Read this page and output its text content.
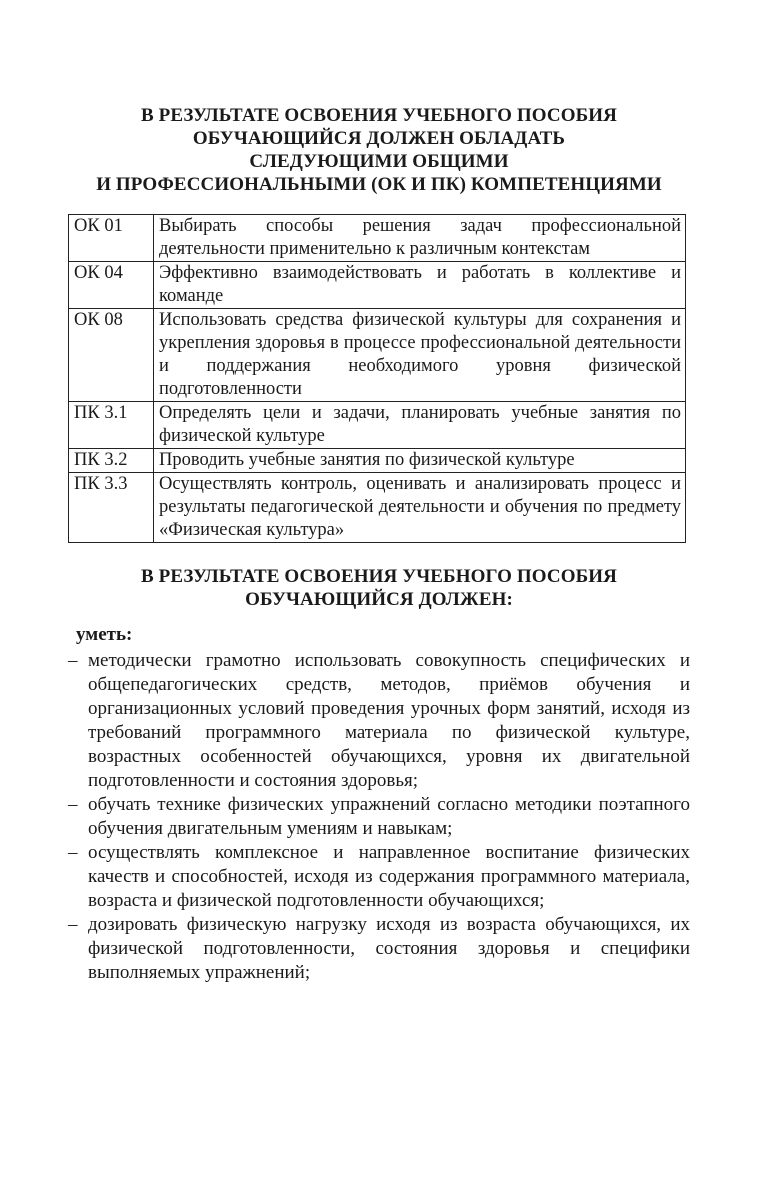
В РЕЗУЛЬТАТЕ ОСВОЕНИЯ УЧЕБНОГО ПОСОБИЯ
ОБУЧАЮЩИЙСЯ ДОЛЖЕН ОБЛАДАТЬ
СЛЕДУЮЩИМИ ОБЩИМИ
И ПРОФЕССИОНАЛЬНЫМИ (ОК И ПК) КОМПЕТЕНЦИЯМИ
ОК 01	Выбирать способы решения задач профессиональной деятельности применительно к различным контекстам
ОК 04	Эффективно взаимодействовать и работать в коллективе и команде
ОК 08	Использовать средства физической культуры для сохранения и укрепления здоровья в процессе профессиональной деятельности и поддержания необходимого уровня физической подготовленности
ПК 3.1	Определять цели и задачи, планировать учебные занятия по физической культуре
ПК 3.2	Проводить учебные занятия по физической культуре
ПК 3.3	Осуществлять контроль, оценивать и анализировать процесс и результаты педагогической деятельности и обучения по предмету «Физическая культура»
В РЕЗУЛЬТАТЕ ОСВОЕНИЯ УЧЕБНОГО ПОСОБИЯ
ОБУЧАЮЩИЙСЯ ДОЛЖЕН:
уметь:
– методически грамотно использовать совокупность специфических и общепедагогических средств, методов, приёмов обучения и организационных условий проведения урочных форм занятий, исходя из требований программного материала по физической культуре, возрастных особенностей обучающихся, уровня их двигательной подготовленности и состояния здоровья;
– обучать технике физических упражнений согласно методики поэтапного обучения двигательным умениям и навыкам;
– осуществлять комплексное и направленное воспитание физических качеств и способностей, исходя из содержания программного материала, возраста и физической подготовленности обучающихся;
– дозировать физическую нагрузку исходя из возраста обучающихся, их физической подготовленности, состояния здоровья и специфики выполняемых упражнений;
